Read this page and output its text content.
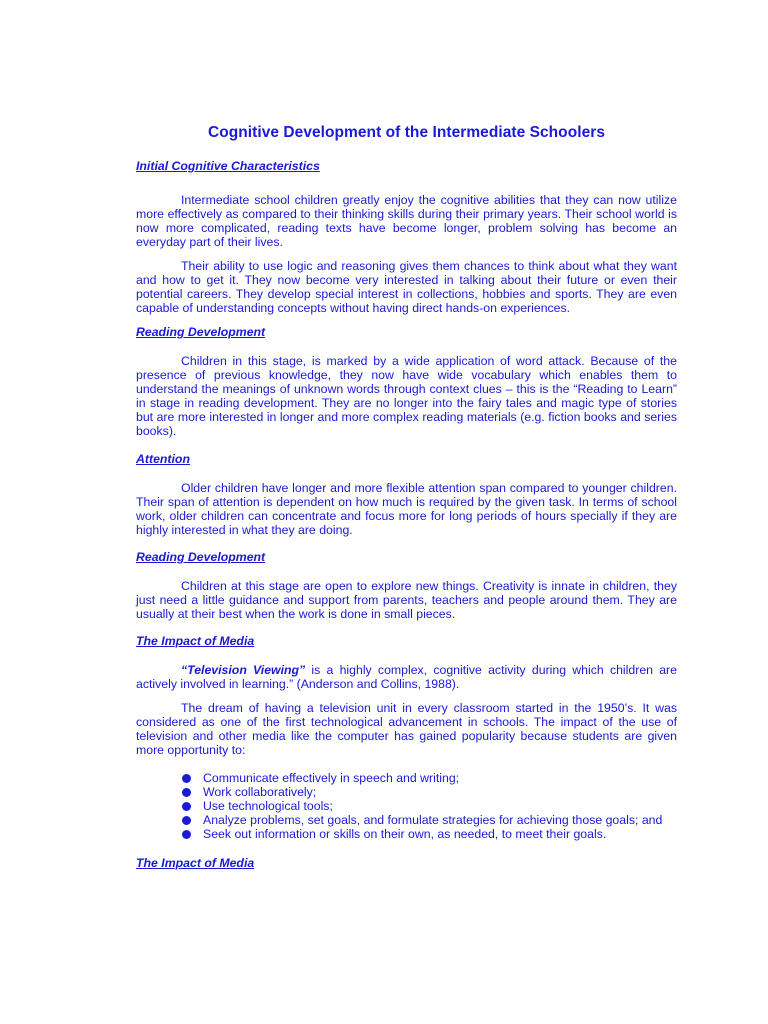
Cognitive Development of the Intermediate Schoolers

Initial Cognitive Characteristics

Intermediate school children greatly enjoy the cognitive abilities that they can now utilize more effectively as compared to their thinking skills during their primary years. Their school world is now more complicated, reading texts have become longer, problem solving has become an everyday part of their lives.

Their ability to use logic and reasoning gives them chances to think about what they want and how to get it. They now become very interested in talking about their future or even their potential careers. They develop special interest in collections, hobbies and sports. They are even capable of understanding concepts without having direct hands-on experiences.

Reading Development

Children in this stage, is marked by a wide application of word attack. Because of the presence of previous knowledge, they now have wide vocabulary which enables them to understand the meanings of unknown words through context clues – this is the “Reading to Learn” in stage in reading development. They are no longer into the fairy tales and magic type of stories but are more interested in longer and more complex reading materials (e.g. fiction books and series books).

Attention

Older children have longer and more flexible attention span compared to younger children. Their span of attention is dependent on how much is required by the given task. In terms of school work, older children can concentrate and focus more for long periods of hours specially if they are highly interested in what they are doing.

Reading Development

Children at this stage are open to explore new things. Creativity is innate in children, they just need a little guidance and support from parents, teachers and people around them. They are usually at their best when the work is done in small pieces.

The Impact of Media

“Television Viewing” is a highly complex, cognitive activity during which children are actively involved in learning.” (Anderson and Collins, 1988).

The dream of having a television unit in every classroom started in the 1950’s. It was considered as one of the first technological advancement in schools. The impact of the use of television and other media like the computer has gained popularity because students are given more opportunity to:

Communicate effectively in speech and writing;
Work collaboratively;
Use technological tools;
Analyze problems, set goals, and formulate strategies for achieving those goals; and
Seek out information or skills on their own, as needed, to meet their goals.

The Impact of Media
